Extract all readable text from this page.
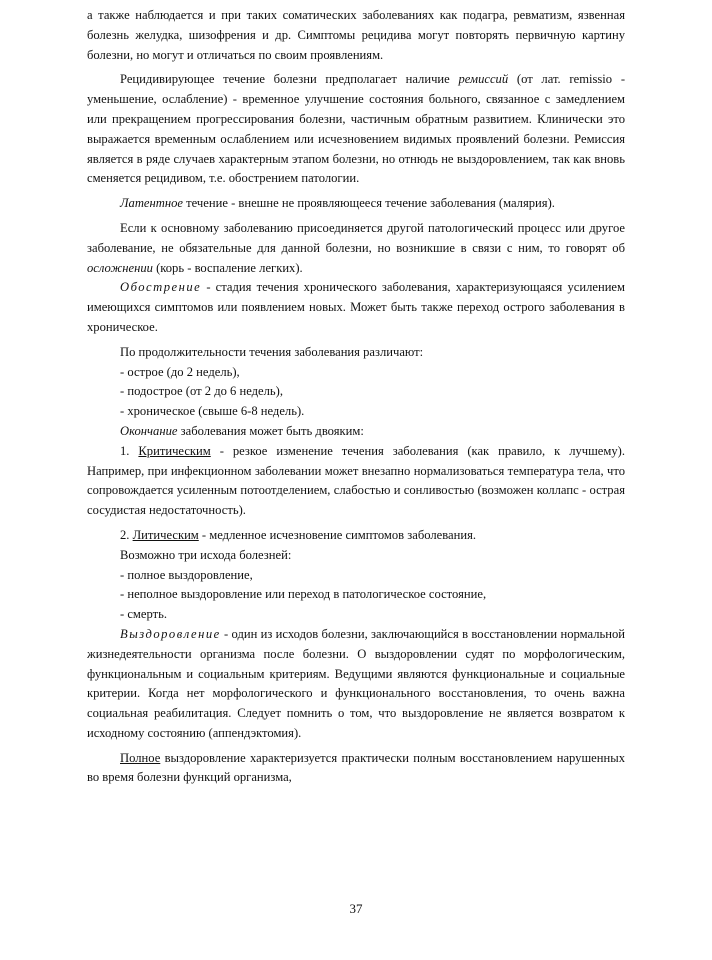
а также наблюдается и при таких соматических заболеваниях как подагра, ревматизм, язвенная болезнь желудка, шизофрения и др. Симптомы рецидива могут повторять первичную картину болезни, но могут и отличаться по своим проявлениям.

Рецидивирующее течение болезни предполагает наличие ремиссий (от лат. remissio - уменьшение, ослабление) - временное улучшение состояния больного, связанное с замедлением или прекращением прогрессирования болезни, частичным обратным развитием. Клинически это выражается временным ослаблением или исчезновением видимых проявлений болезни. Ремиссия является в ряде случаев характерным этапом болезни, но отнюдь не выздоровлением, так как вновь сменяется рецидивом, т.е. обострением патологии.

Латентное течение - внешне не проявляющееся течение заболевания (малярия).

Если к основному заболеванию присоединяется другой патологический процесс или другое заболевание, не обязательные для данной болезни, но возникшие в связи с ним, то говорят об осложнении (корь - воспаление легких).

Обострение - стадия течения хронического заболевания, характеризующаяся усилением имеющихся симптомов или появлением новых. Может быть также переход острого заболевания в хроническое.

По продолжительности течения заболевания различают:

- острое (до 2 недель),

- подострое (от 2 до 6 недель),

- хроническое (свыше 6-8 недель).

Окончание заболевания может быть двояким:

1. Критическим - резкое изменение течения заболевания (как правило, к лучшему). Например, при инфекционном заболевании может внезапно нормализоваться температура тела, что сопровождается усиленным потоотделением, слабостью и сонливостью (возможен коллапс - острая сосудистая недостаточность).

2. Литическим - медленное исчезновение симптомов заболевания.

Возможно три исхода болезней:

- полное выздоровление,

- неполное выздоровление или переход в патологическое состояние,

- смерть.

Выздоровление - один из исходов болезни, заключающийся в восстановлении нормальной жизнедеятельности организма после болезни. О выздоровлении судят по морфологическим, функциональным и социальным критериям. Ведущими являются функциональные и социальные критерии. Когда нет морфологического и функционального восстановления, то очень важна социальная реабилитация. Следует помнить о том, что выздоровление не является возвратом к исходному состоянию (аппендэктомия).

Полное выздоровление характеризуется практически полным восстановлением нарушенных во время болезни функций организма,

37
